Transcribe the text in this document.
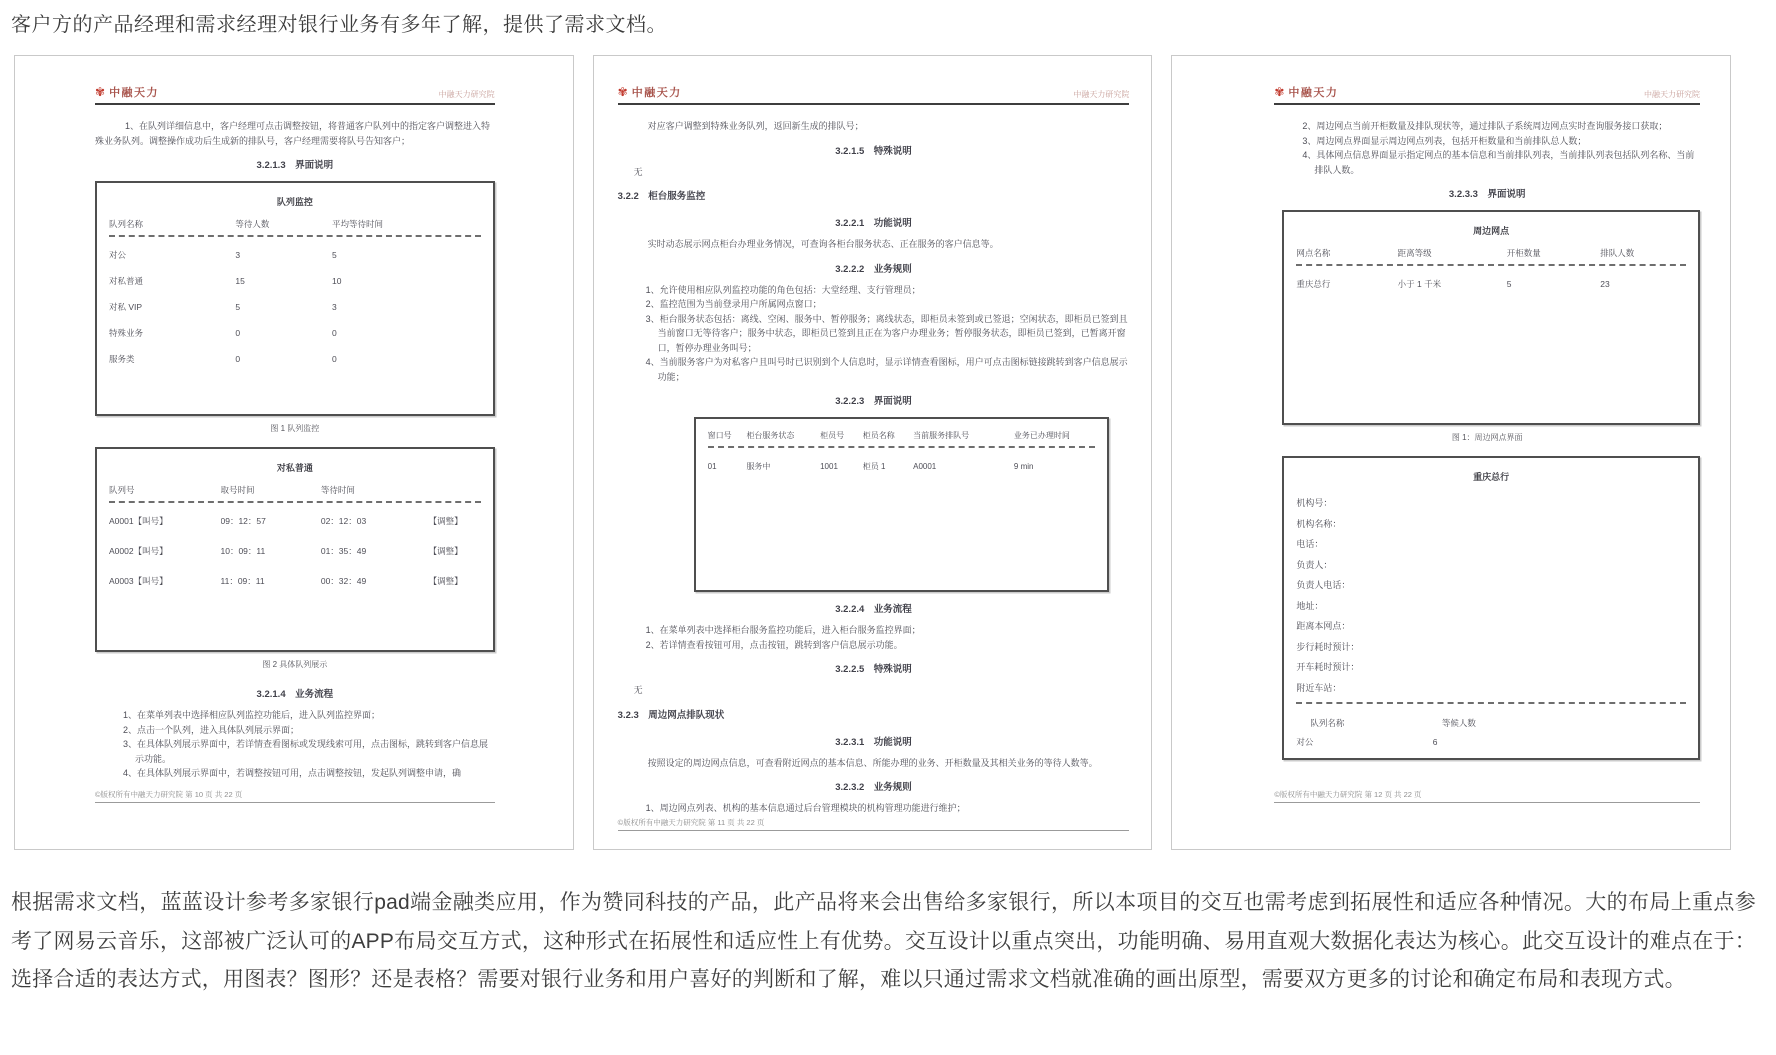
客户方的产品经理和需求经理对银行业务有多年了解，提供了需求文档。
✾ 中融天力	中融天力研究院
1、在队列详细信息中，客户经理可点击调整按钮，将普通客户队列中的指定客户调整进入特殊业务队列。调整操作成功后生成新的排队号，客户经理需要将队号告知客户；
3.2.1.3　界面说明
队列监控
队列名称	等待人数	平均等待时间
对公	3	5
对私普通	15	10
对私 VIP	5	3
特殊业务	0	0
服务类	0	0
图 1 队列监控
对私普通
队列号	取号时间	等待时间
A0001【叫号】	09：12：57	02：12：03	【调整】
A0002【叫号】	10：09：11	01：35：49	【调整】
A0003【叫号】	11：09：11	00：32：49	【调整】
图 2 具体队列展示
3.2.1.4　业务流程
1、在菜单列表中选择相应队列监控功能后，进入队列监控界面；
2、点击一个队列，进入具体队列展示界面；
3、在具体队列展示界面中，若详情查看图标或发现线索可用，点击图标，跳转到客户信息展示功能。
4、在具体队列展示界面中，若调整按钮可用，点击调整按钮，发起队列调整申请，确
©版权所有中融天力研究院 第 10 页 共 22 页
✾ 中融天力	中融天力研究院
对应客户调整到特殊业务队列，返回新生成的排队号；
3.2.1.5　特殊说明
无
3.2.2　柜台服务监控
3.2.2.1　功能说明
实时动态展示网点柜台办理业务情况，可查询各柜台服务状态、正在服务的客户信息等。
3.2.2.2　业务规则
1、允许使用相应队列监控功能的角色包括：大堂经理、支行管理员；
2、监控范围为当前登录用户所属网点窗口；
3、柜台服务状态包括：离线、空闲、服务中、暂停服务；离线状态，即柜员未签到或已签退；空闲状态，即柜员已签到且当前窗口无等待客户；服务中状态，即柜员已签到且正在为客户办理业务；暂停服务状态，即柜员已签到，已暂离开窗口，暂停办理业务叫号；
4、当前服务客户为对私客户且叫号时已识别到个人信息时，显示详情查看图标，用户可点击图标链接跳转到客户信息展示功能；
3.2.2.3　界面说明
窗口号	柜台服务状态	柜员号	柜员名称	当前服务排队号	业务已办理时间
01	服务中	1001	柜员 1	A0001	9 min
3.2.2.4　业务流程
1、在菜单列表中选择柜台服务监控功能后，进入柜台服务监控界面；
2、若详情查看按钮可用，点击按钮，跳转到客户信息展示功能。
3.2.2.5　特殊说明
无
3.2.3　周边网点排队现状
3.2.3.1　功能说明
按照设定的周边网点信息，可查看附近网点的基本信息、所能办理的业务、开柜数量及其相关业务的等待人数等。
3.2.3.2　业务规则
1、周边网点列表、机构的基本信息通过后台管理模块的机构管理功能进行维护；
©版权所有中融天力研究院 第 11 页 共 22 页
✾ 中融天力	中融天力研究院
2、周边网点当前开柜数量及排队现状等，通过排队子系统周边网点实时查询服务接口获取；
3、周边网点界面显示周边网点列表，包括开柜数量和当前排队总人数；
4、具体网点信息界面显示指定网点的基本信息和当前排队列表，当前排队列表包括队列名称、当前排队人数。
3.2.3.3　界面说明
周边网点
网点名称	距离等级	开柜数量	排队人数
重庆总行	小于 1 千米	5	23
图 1：周边网点界面
重庆总行
机构号：
机构名称：
电话：
负责人：
负责人电话：
地址：
距离本网点：
步行耗时预计：
开车耗时预计：
附近车站：
队列名称	等候人数
对公	6
©版权所有中融天力研究院 第 12 页 共 22 页
根据需求文档，蓝蓝设计参考多家银行pad端金融类应用，作为赞同科技的产品，此产品将来会出售给多家银行，所以本项目的交互也需考虑到拓展性和适应各种情况。大的布局上重点参考了网易云音乐，这部被广泛认可的APP布局交互方式，这种形式在拓展性和适应性上有优势。交互设计以重点突出，功能明确、易用直观大数据化表达为核心。此交互设计的难点在于：选择合适的表达方式，用图表？图形？还是表格？需要对银行业务和用户喜好的判断和了解，难以只通过需求文档就准确的画出原型，需要双方更多的讨论和确定布局和表现方式。
